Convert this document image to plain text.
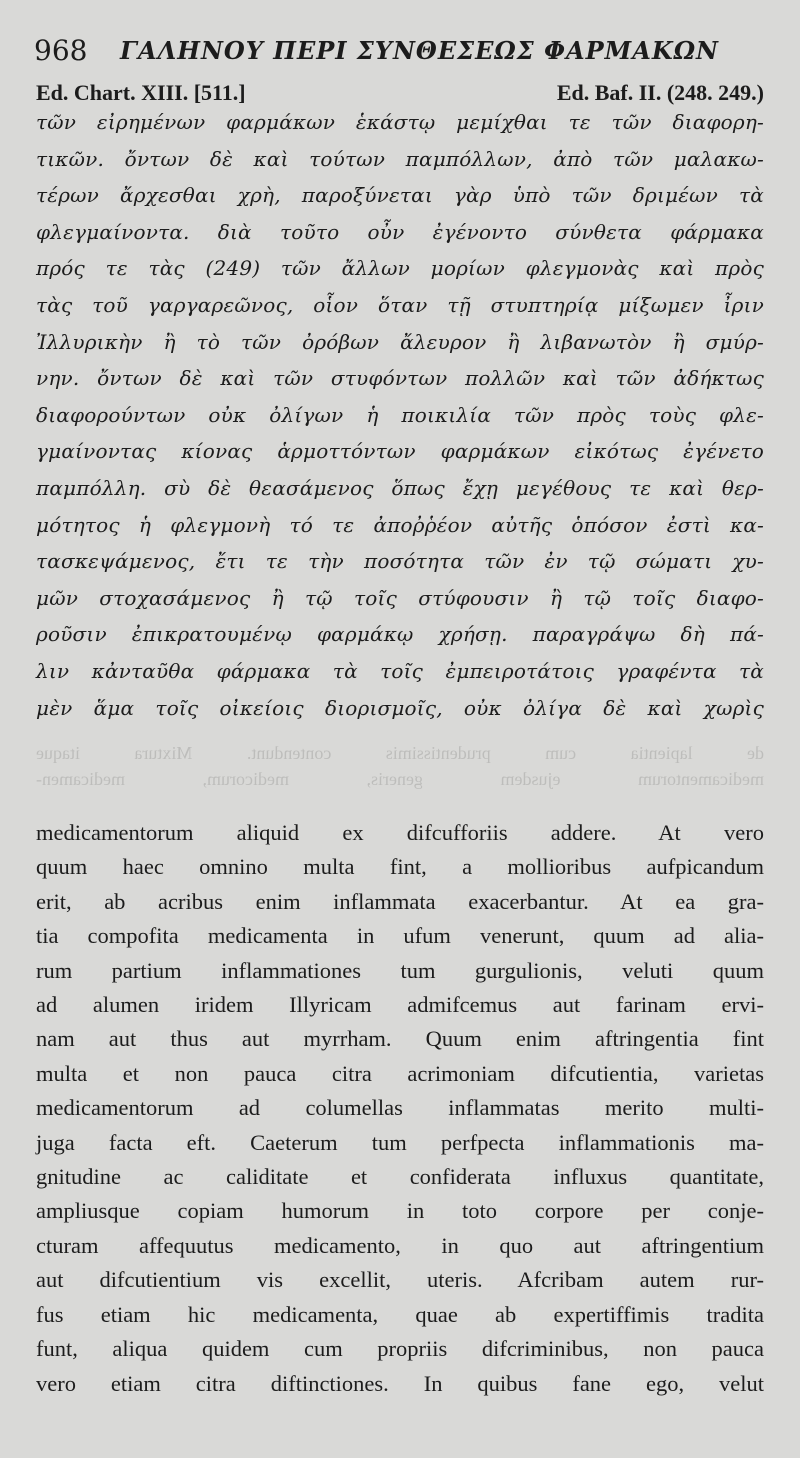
968 ΓΑΛΗΝΟΥ ΠΕΡΙ ΣΥΝΘΕΣΕΩΣ ΦΑΡΜΑΚΩΝ
Ed. Chart. XIII. [511.]	Ed. Baf. II. (248. 249.)
τῶν εἰρημένων φαρμάκων ἑκάστῳ μεμίχθαι τε τῶν διαφορη-
τικῶν. ὄντων δὲ καὶ τούτων παμπόλλων, ἀπὸ τῶν μαλακω-
τέρων ἄρχεσθαι χρὴ, παροξύνεται γὰρ ὑπὸ τῶν δριμέων τὰ
φλεγμαίνοντα. διὰ τοῦτο οὖν ἐγένοντο σύνθετα φάρμακα
πρός τε τὰς (249) τῶν ἄλλων μορίων φλεγμονὰς καὶ πρὸς
τὰς τοῦ γαργαρεῶνος, οἷον ὅταν τῇ στυπτηρίᾳ μίξωμεν ἶριν
Ἰλλυρικὴν ἢ τὸ τῶν ὀρόβων ἄλευρον ἢ λιβανωτὸν ἢ σμύρ-
νην. ὄντων δὲ καὶ τῶν στυφόντων πολλῶν καὶ τῶν ἀδήκτως
διαφορούντων οὐκ ὀλίγων ἡ ποικιλία τῶν πρὸς τοὺς φλε-
γμαίνοντας κίονας ἁρμοττόντων φαρμάκων εἰκότως ἐγένετο
παμπόλλη. σὺ δὲ θεασάμενος ὅπως ἔχῃ μεγέθους τε καὶ θερ-
μότητος ἡ φλεγμονὴ τό τε ἀποῤῥέον αὐτῆς ὁπόσον ἐστὶ κα-
τασκεψάμενος, ἔτι τε τὴν ποσότητα τῶν ἐν τῷ σώματι χυ-
μῶν στοχασάμενος ἢ τῷ τοῖς στύφουσιν ἢ τῷ τοῖς διαφο-
ροῦσιν ἐπικρατουμένῳ φαρμάκῳ χρήσῃ. παραγράψω δὴ πά-
λιν κἀνταῦθα φάρμακα τὰ τοῖς ἐμπειροτάτοις γραφέντα τὰ
μὲν ἅμα τοῖς οἰκείοις διορισμοῖς, οὐκ ὀλίγα δὲ καὶ χωρὶς
de lapientia cum prudentissimis contendunt. Mixtura itaque
medicamentorum ejusdem generis, medicorum, medicamen-
medicamentorum aliquid ex difcufforiis addere. At vero
quum haec omnino multa fint, a mollioribus aufpicandum
erit, ab acribus enim inflammata exacerbantur. At ea gra-
tia compofita medicamenta in ufum venerunt, quum ad alia-
rum partium inflammationes tum gurgulionis, veluti quum
ad alumen iridem Illyricam admifcemus aut farinam ervi-
nam aut thus aut myrrham. Quum enim aftringentia fint
multa et non pauca citra acrimoniam difcutientia, varietas
medicamentorum ad columellas inflammatas merito multi-
juga facta eft. Caeterum tum perfpecta inflammationis ma-
gnitudine ac caliditate et confiderata influxus quantitate,
ampliusque copiam humorum in toto corpore per conje-
cturam affequutus medicamento, in quo aut aftringentium
aut difcutientium vis excellit, uteris. Afcribam autem rur-
fus etiam hic medicamenta, quae ab expertiffimis tradita
funt, aliqua quidem cum propriis difcriminibus, non pauca
vero etiam citra diftinctiones. In quibus fane ego, velut
